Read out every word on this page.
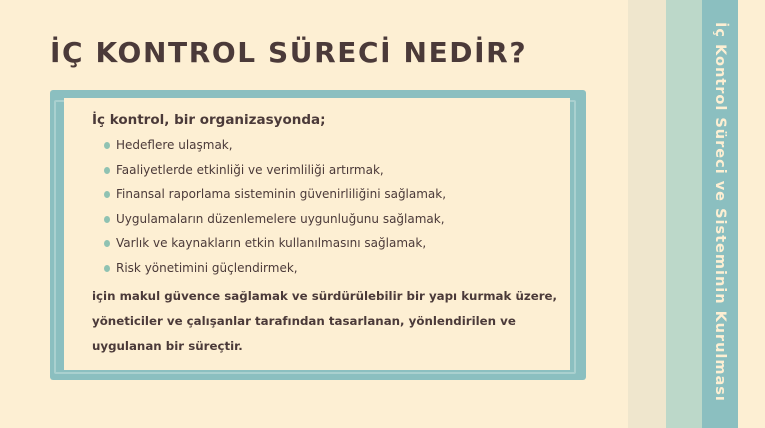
İç Kontrol Süreci ve Sisteminin Kurulması
İÇ KONTROL SÜRECİ NEDİR?
İç kontrol, bir organizasyonda;
Hedeflere ulaşmak,
Faaliyetlerde etkinliği ve verimliliği artırmak,
Finansal raporlama sisteminin güvenirliliğini sağlamak,
Uygulamaların düzenlemelere uygunluğunu sağlamak,
Varlık ve kaynakların etkin kullanılmasını sağlamak,
Risk yönetimini güçlendirmek,
için makul güvence sağlamak ve sürdürülebilir bir yapı kurmak üzere,
yöneticiler ve çalışanlar tarafından tasarlanan, yönlendirilen ve
uygulanan bir süreçtir.
